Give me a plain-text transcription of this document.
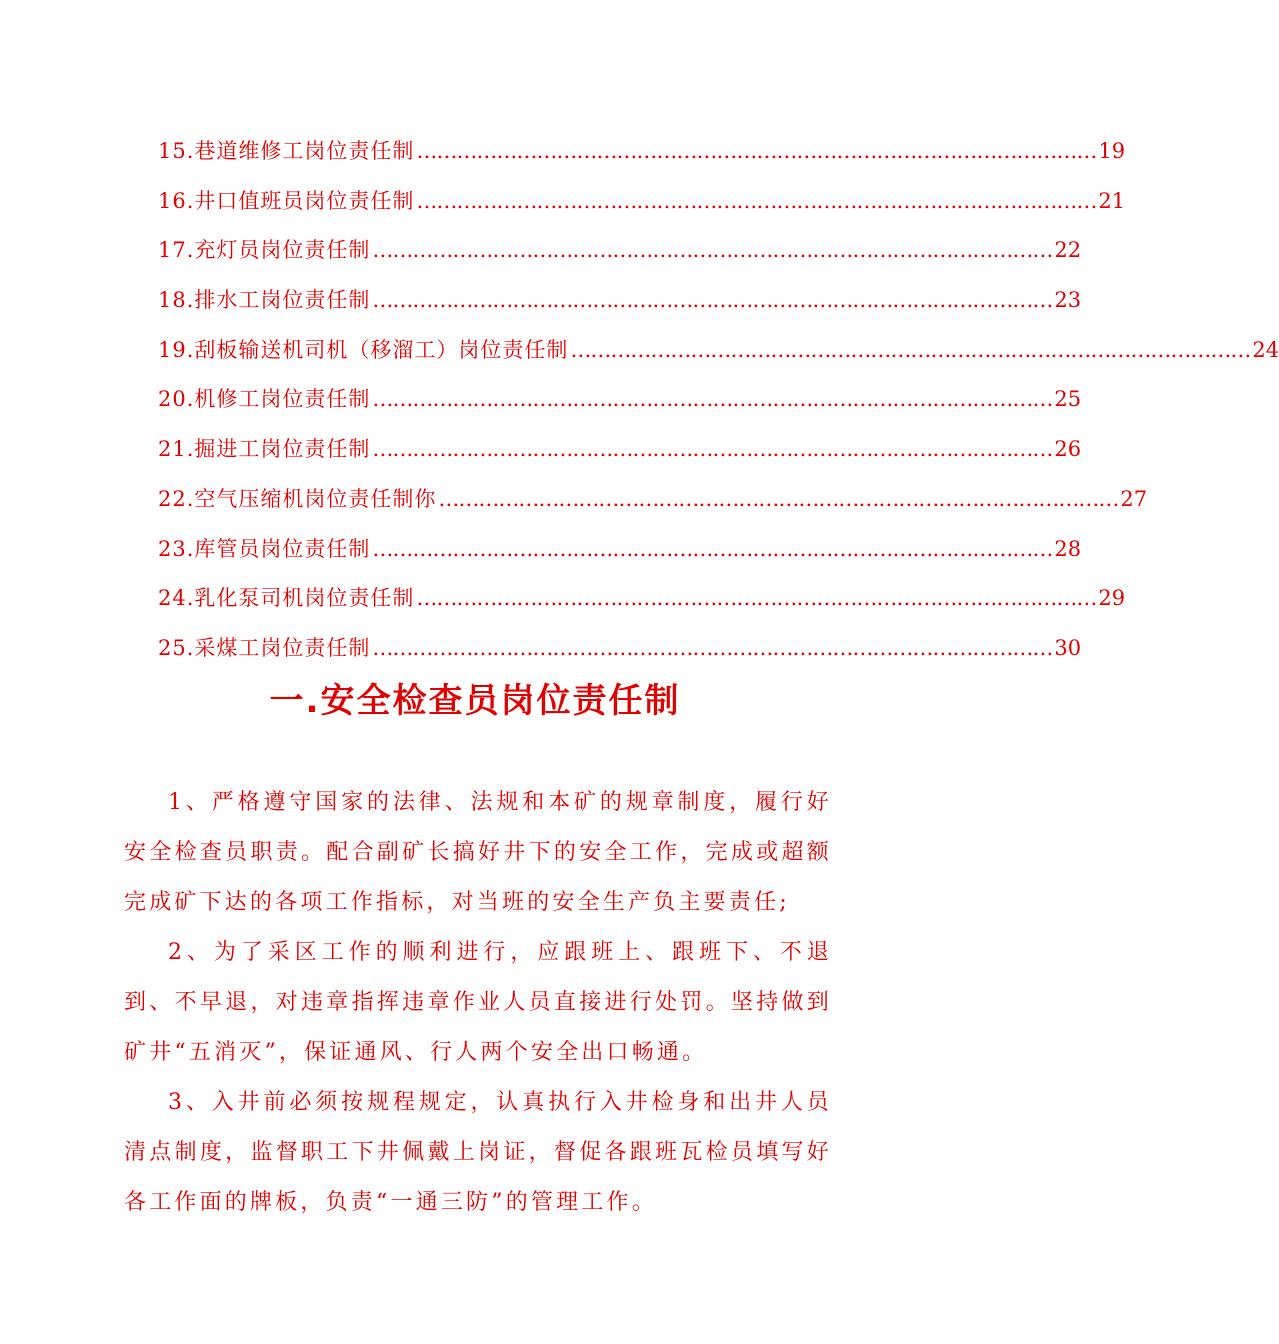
15.巷道维修工岗位责任制 ………………………………………………………………………………………… 19
16.井口值班员岗位责任制 ………………………………………………………………………………………… 21
17.充灯员岗位责任制 ………………………………………………………………………………………… 22
18.排水工岗位责任制 ………………………………………………………………………………………… 23
19.刮板输送机司机（移溜工）岗位责任制 ………………………………………………………………………………………… 24
20.机修工岗位责任制 ………………………………………………………………………………………… 25
21.掘进工岗位责任制 ………………………………………………………………………………………… 26
22.空气压缩机岗位责任制你 ………………………………………………………………………………………… 27
23.库管员岗位责任制 ………………………………………………………………………………………… 28
24.乳化泵司机岗位责任制 ………………………………………………………………………………………… 29
25.采煤工岗位责任制 ………………………………………………………………………………………… 30
一.安全检查员岗位责任制

1、严格遵守国家的法律、法规和本矿的规章制度，履行好安全检查员职责。配合副矿长搞好井下的安全工作，完成或超额完成矿下达的各项工作指标，对当班的安全生产负主要责任;

2、为了采区工作的顺利进行，应跟班上、跟班下、不退到、不早退，对违章指挥违章作业人员直接进行处罚。坚持做到矿井“五消灭”，保证通风、行人两个安全出口畅通。

3、入井前必须按规程规定，认真执行入井检身和出井人员清点制度，监督职工下井佩戴上岗证，督促各跟班瓦检员填写好各工作面的牌板，负责“一通三防”的管理工作。
